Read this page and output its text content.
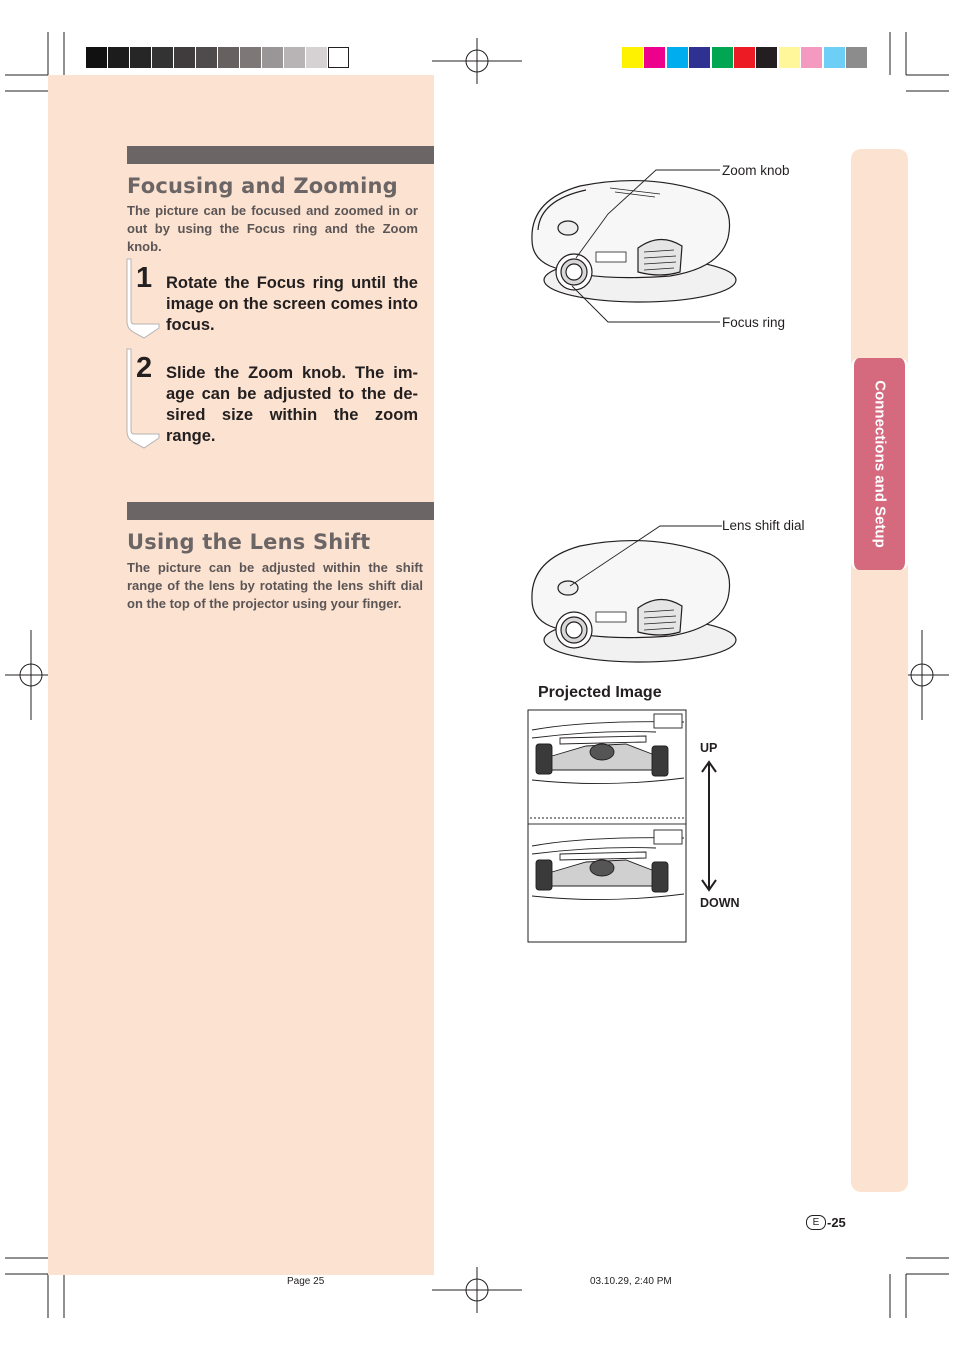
Focusing and Zooming
The picture can be focused and zoomed in or out by using the Focus ring and the Zoom knob.
1 Rotate the Focus ring until the image on the screen comes into focus.
2 Slide the Zoom knob. The im-age can be adjusted to the de-sired size within the zoom range.
Using the Lens Shift
The picture can be adjusted within the shift range of the lens by rotating the lens shift dial on the top of the projector using your finger.
Zoom knob
Focus ring
Lens shift dial
Projected Image
UP
DOWN
Connections and Setup
E -25
Page 25	03.10.29, 2:40 PM
